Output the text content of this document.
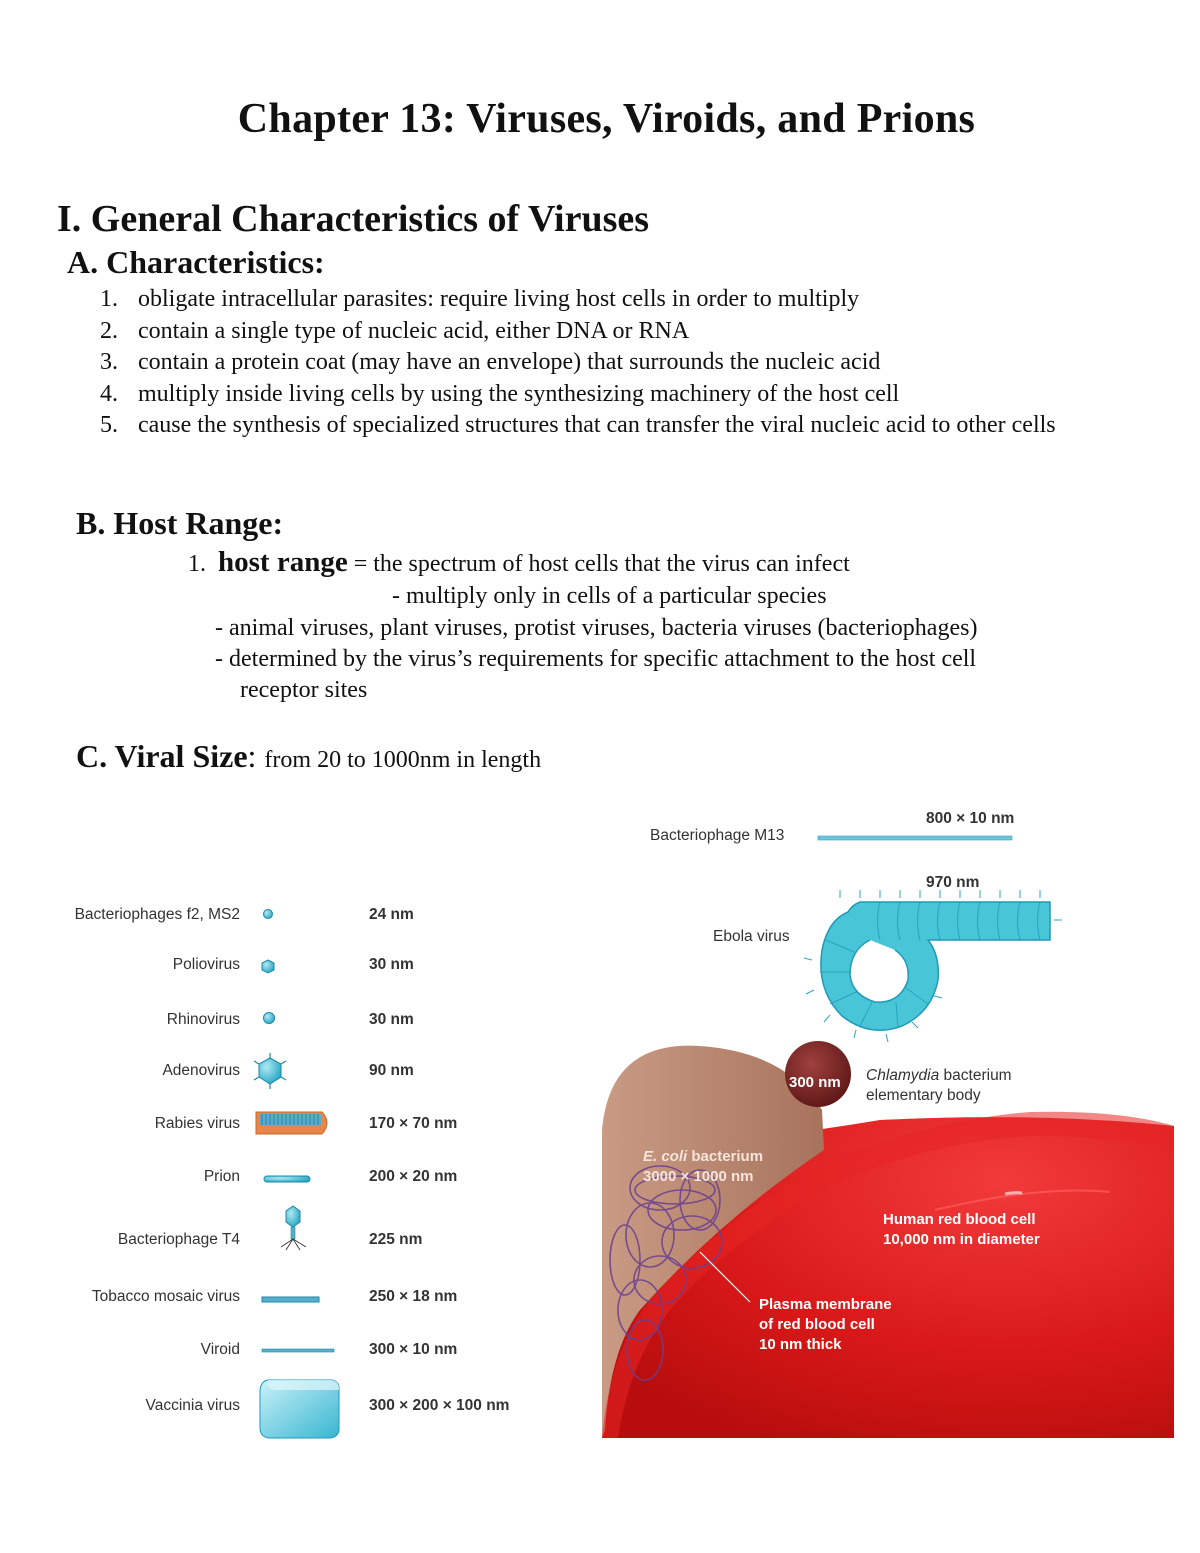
Chapter 13: Viruses, Viroids, and Prions
I. General Characteristics of Viruses
A. Characteristics:
1. obligate intracellular parasites: require living host cells in order to multiply
2. contain a single type of nucleic acid, either DNA or RNA
3. contain a protein coat (may have an envelope) that surrounds the nucleic acid
4. multiply inside living cells by using the synthesizing machinery of the host cell
5. cause the synthesis of specialized structures that can transfer the viral nucleic acid to other cells
B. Host Range:
1. host range = the spectrum of host cells that the virus can infect
- multiply only in cells of a particular species
- animal viruses, plant viruses, protist viruses, bacteria viruses (bacteriophages)
- determined by the virus’s requirements for specific attachment to the host cell
receptor sites
C. Viral Size: from 20 to 1000nm in length
Bacteriophages f2, MS2	24 nm
Poliovirus	30 nm
Rhinovirus	30 nm
Adenovirus	90 nm
Rabies virus	170 × 70 nm
Prion	200 × 20 nm
Bacteriophage T4	225 nm
Tobacco mosaic virus	250 × 18 nm
Viroid	300 × 10 nm
Vaccinia virus	300 × 200 × 100 nm
Bacteriophage M13
800 × 10 nm
970 nm
Ebola virus
300 nm Chlamydia bacterium
elementary body
E. coli bacterium
3000 × 1000 nm
Human red blood cell
10,000 nm in diameter
Plasma membrane
of red blood cell
10 nm thick
